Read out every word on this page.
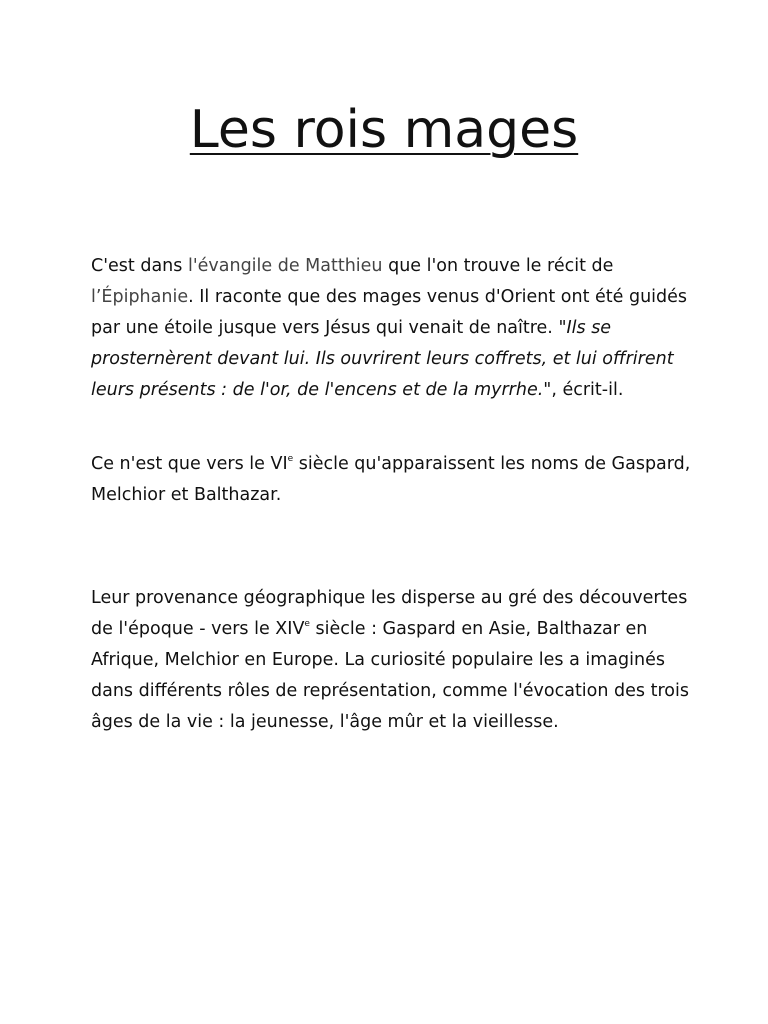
Les rois mages

C'est dans l'évangile de Matthieu que l'on trouve le récit de l’Épiphanie. Il raconte que des mages venus d'Orient ont été guidés par une étoile jusque vers Jésus qui venait de naître. "Ils se prosternèrent devant lui. Ils ouvrirent leurs coffrets, et lui offrirent leurs présents : de l'or, de l'encens et de la myrrhe.", écrit-il.

Ce n'est que vers le VIe siècle qu'apparaissent les noms de Gaspard, Melchior et Balthazar.

Leur provenance géographique les disperse au gré des découvertes de l'époque - vers le XIVe siècle : Gaspard en Asie, Balthazar en Afrique, Melchior en Europe. La curiosité populaire les a imaginés dans différents rôles de représentation, comme l'évocation des trois âges de la vie : la jeunesse, l'âge mûr et la vieillesse.
